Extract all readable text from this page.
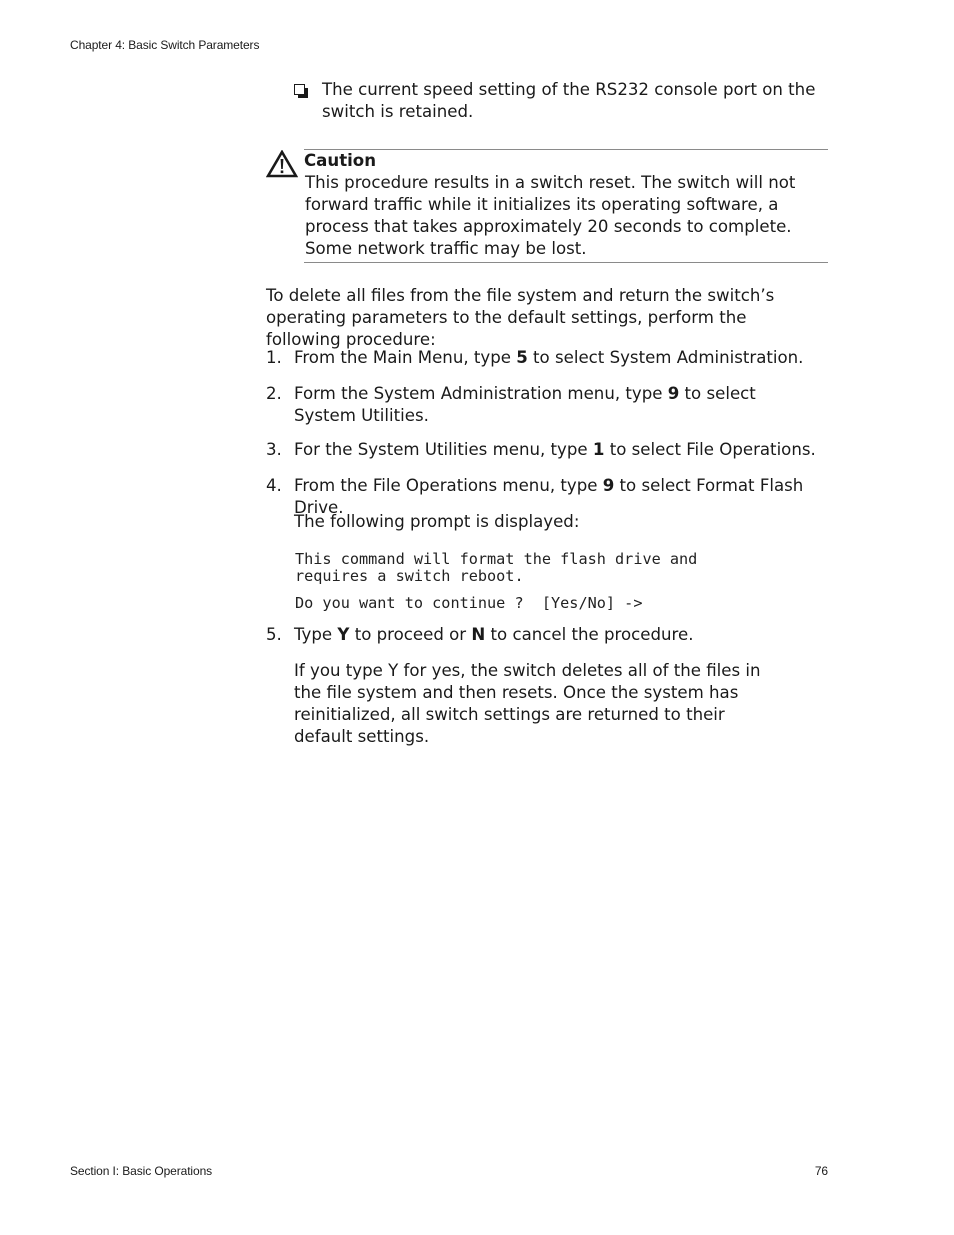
Chapter 4: Basic Switch Parameters
The current speed setting of the RS232 console port on the switch is retained.
Caution
This procedure results in a switch reset. The switch will not forward traffic while it initializes its operating software, a process that takes approximately 20 seconds to complete. Some network traffic may be lost.
To delete all files from the file system and return the switch’s operating parameters to the default settings, perform the following procedure:
1. From the Main Menu, type 5 to select System Administration.
2. Form the System Administration menu, type 9 to select System Utilities.
3. For the System Utilities menu, type 1 to select File Operations.
4. From the File Operations menu, type 9 to select Format Flash Drive.
The following prompt is displayed:
This command will format the flash drive and
requires a switch reboot.
Do you want to continue ?  [Yes/No] ->
5. Type Y to proceed or N to cancel the procedure.
If you type Y for yes, the switch deletes all of the files in the file system and then resets. Once the system has reinitialized, all switch settings are returned to their default settings.
Section I: Basic Operations	76
